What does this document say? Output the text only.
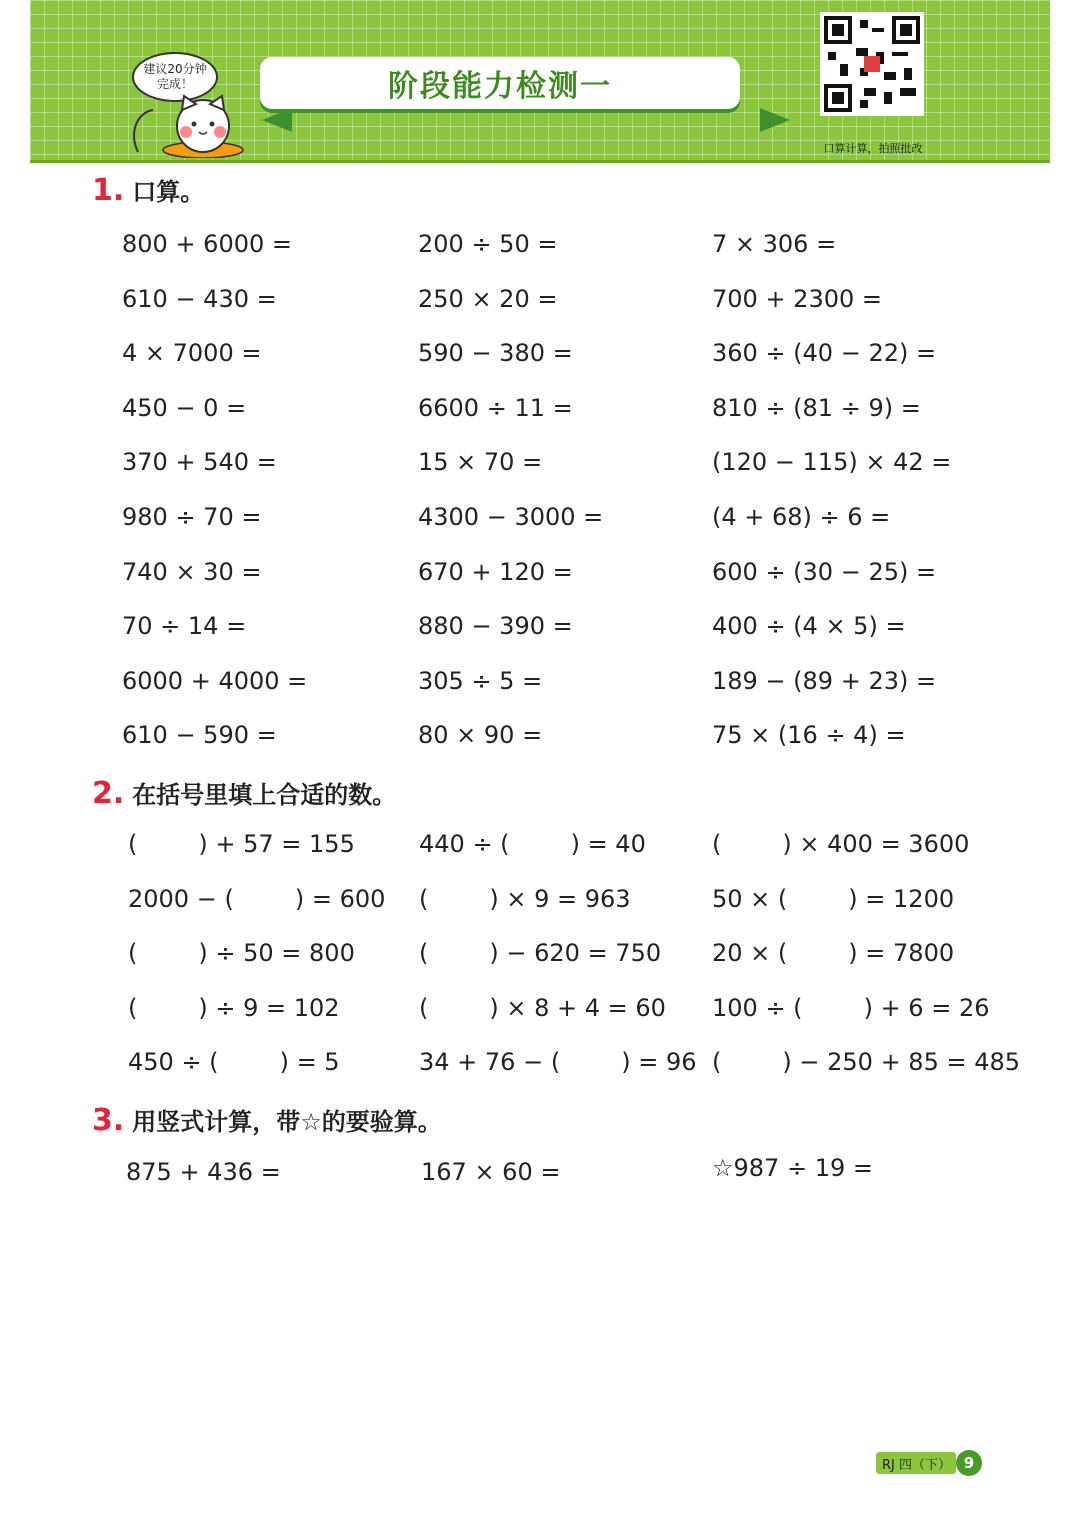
阶段能力检测一
建议20分钟
完成！
口算计算，拍照批改
1. 口算。
2. 在括号里填上合适的数。
3. 用竖式计算，带☆的要验算。
800 + 6000 =
610 − 430 =
4 × 7000 =
450 − 0 =
370 + 540 =
980 ÷ 70 =
740 × 30 =
70 ÷ 14 =
6000 + 4000 =
610 − 590 =
200 ÷ 50 =
250 × 20 =
590 − 380 =
6600 ÷ 11 =
15 × 70 =
4300 − 3000 =
670 + 120 =
880 − 390 =
305 ÷ 5 =
80 × 90 =
7 × 306 =
700 + 2300 =
360 ÷ (40 − 22) =
810 ÷ (81 ÷ 9) =
(120 − 115) × 42 =
(4 + 68) ÷ 6 =
600 ÷ (30 − 25) =
400 ÷ (4 × 5) =
189 − (89 + 23) =
75 × (16 ÷ 4) =
(        ) + 57 = 155
2000 − (        ) = 600
(        ) ÷ 50 = 800
(        ) ÷ 9 = 102
450 ÷ (        ) = 5
440 ÷ (        ) = 40
(        ) × 9 = 963
(        ) − 620 = 750
(        ) × 8 + 4 = 60
34 + 76 − (        ) = 96
(        ) × 400 = 3600
50 × (        ) = 1200
20 × (        ) = 7800
100 ÷ (        ) + 6 = 26
(        ) − 250 + 85 = 485
875 + 436 =	167 × 60 =	☆987 ÷ 19 =
RJ 四（下） 9
